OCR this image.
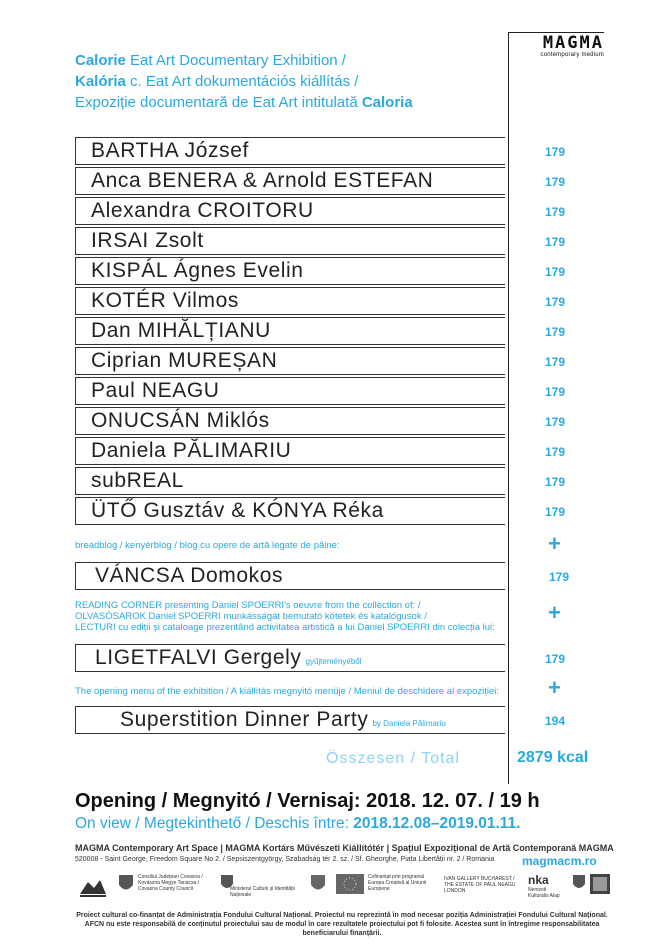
MAGMA
contemporary medium
Calorie Eat Art Documentary Exhibition /
Kalória c. Eat Art dokumentációs kiállítás /
Expoziție documentară de Eat Art intitulată Caloria
BARTHA József	179
Anca BENERA & Arnold ESTEFAN	179
Alexandra CROITORU	179
IRSAI Zsolt	179
KISPÁL Ágnes Evelin	179
KOTÉR Vilmos	179
Dan MIHĂLȚIANU	179
Ciprian MUREȘAN	179
Paul NEAGU	179
ONUCSÁN Miklós	179
Daniela PĂLIMARIU	179
subREAL	179
ÜTŐ Gusztáv & KÓNYA Réka	179
breadblog / kenyérblog / blog cu opere de artă legate de pâine:	+
VÁNCSA Domokos	179
READING CORNER presenting Daniel SPOERRI's oeuvre from the collection of: /
OLVASÓSAROK Daniel SPOERRI munkásságát bemutató kötetek és katalógusok /
LECTURI cu ediții și cataloage prezentând activitatea artistică a lui Daniel SPOERRI din colecția lui:
+
LIGETFALVI Gergely gyűjteményéből	179
The opening menu of the exhibition / A kiállítás megnyitó menüje / Meniul de deschidere al expoziției: +
Superstition Dinner Party by Daniela Pălimariu	194
Összesen / Total	2879 kcal
Opening / Megnyitó / Vernisaj: 2018. 12. 07. / 19 h
On view / Megtekinthető / Deschis între: 2018.12.08–2019.01.11.
MAGMA Contemporary Art Space | MAGMA Kortárs Művészeti Kiállítótér | Spațiul Expozițional de Artă Contemporană MAGMA
520008 - Saint George, Freedom Square No 2. / Sepsiszentgyörgy, Szabadság tér 2. sz. / Sf. Gheorghe, Piața Libertății nr. 2 / Romania magmacm.ro
Consiliul Județean Covasna / Kovászna Megye Tanácsa / Covasna County Council	Ministerul Culturii și Identității Naționale
Cofinanțat prin programul Europa Creativă al Uniunii Europene
IVAN GALLERY BUCHAREST / THE ESTATE OF PAUL NEAGU LONDON
nka
Nemzeti Kulturális Alap
Proiect cultural co-finanțat de Administrația Fondului Cultural Național. Proiectul nu reprezintă în mod necesar poziția Administrației Fondului Cultural Național. AFCN nu este responsabilă de conținutul proiectului sau de modul în care rezultatele proiectului pot fi folosite. Acestea sunt în întregime responsabilitatea beneficiarului finanțării.
